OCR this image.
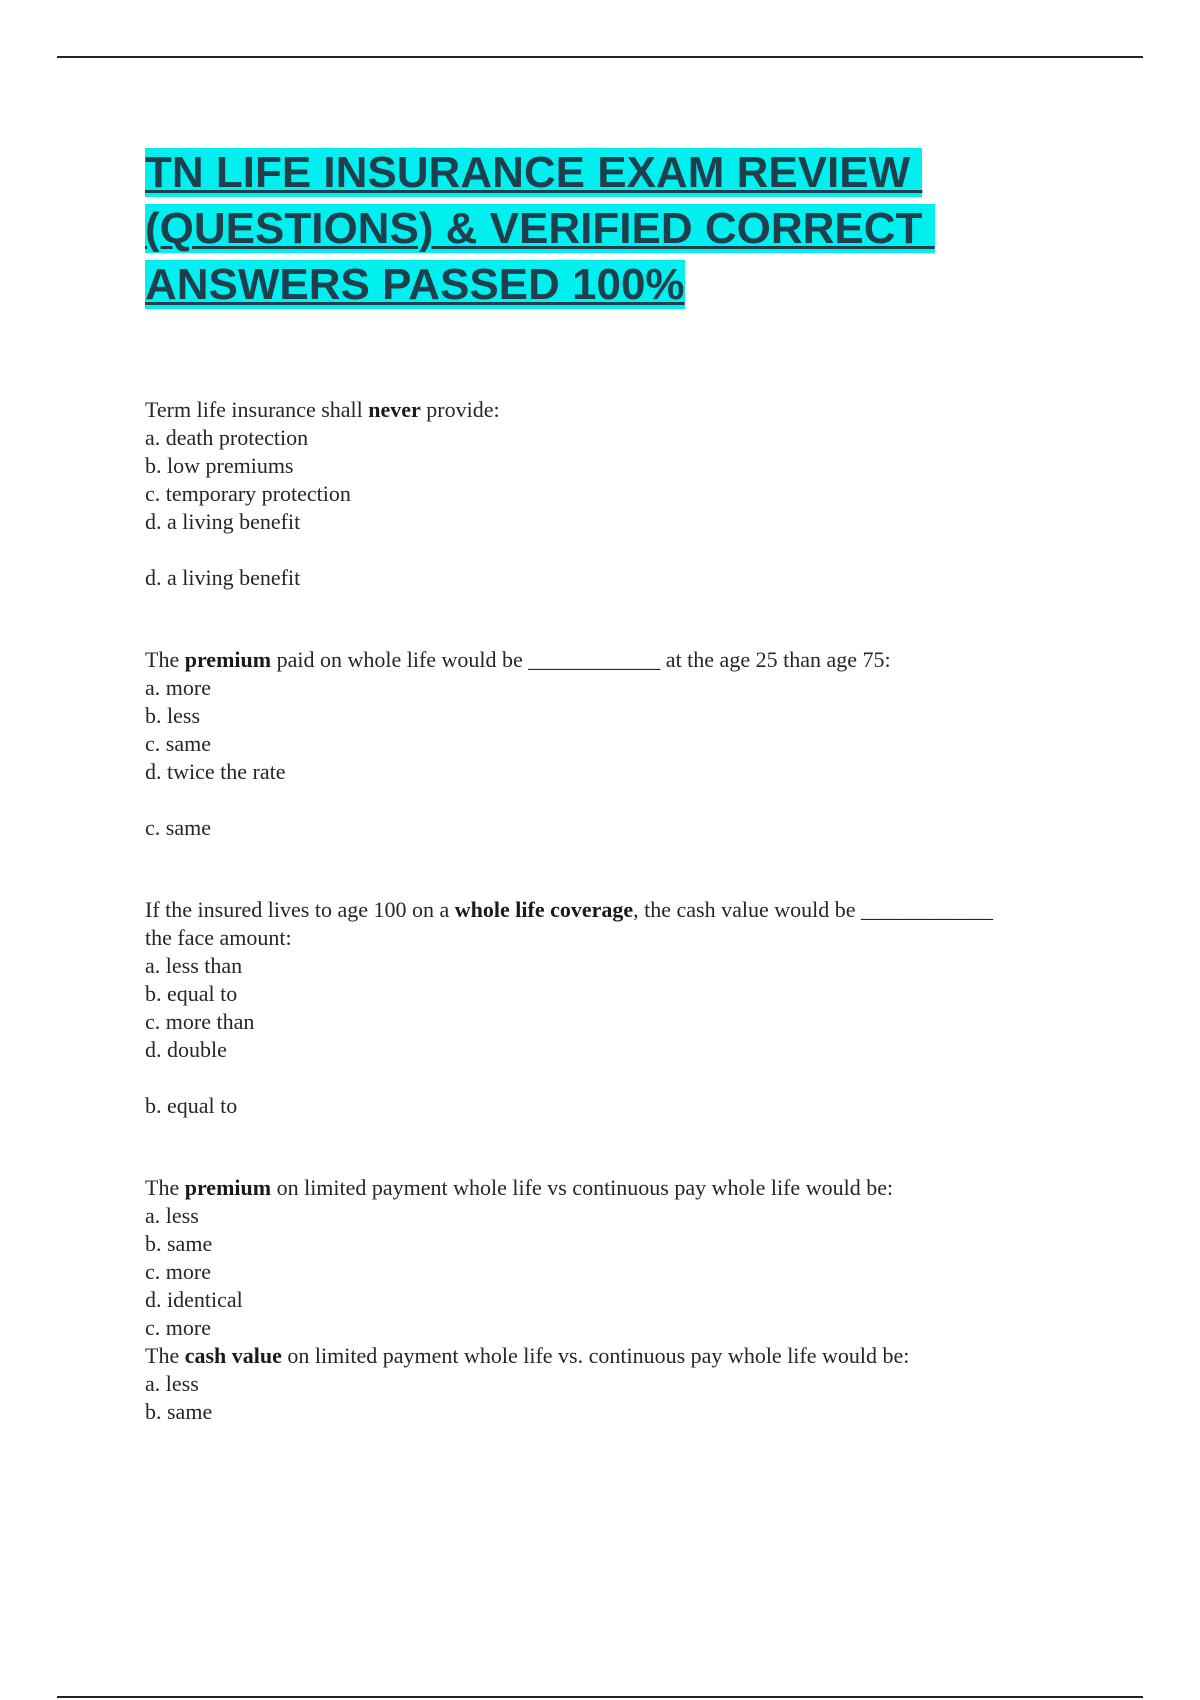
TN LIFE INSURANCE EXAM REVIEW
(QUESTIONS) & VERIFIED CORRECT
ANSWERS PASSED 100%

Term life insurance shall never provide:

a. death protection

b. low premiums

c. temporary protection

d. a living benefit

d. a living benefit

The premium paid on whole life would be ____________ at the age 25 than age 75:

a. more

b. less

c. same

d. twice the rate

c. same

If the insured lives to age 100 on a whole life coverage, the cash value would be ____________

the face amount:

a. less than

b. equal to

c. more than

d. double

b. equal to

The premium on limited payment whole life vs continuous pay whole life would be:

a. less

b. same

c. more

d. identical

c. more

The cash value on limited payment whole life vs. continuous pay whole life would be:

a. less

b. same
